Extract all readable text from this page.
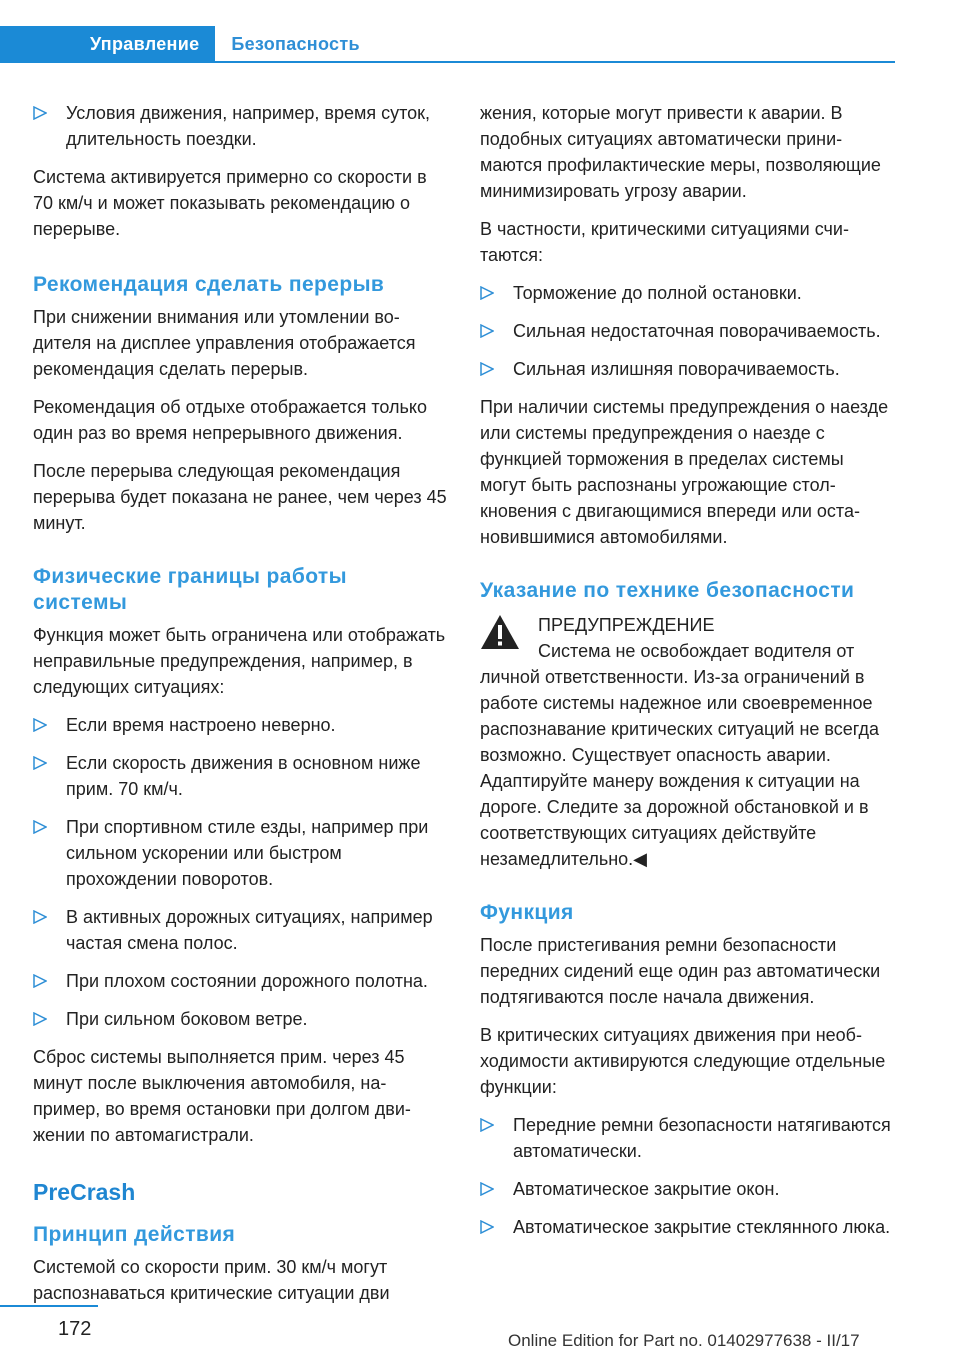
Управление	Безопасность
Условия движения, например, время суток, длительность поездки.

Система активируется примерно со скорости в 70 км/ч и может показывать рекомендацию о перерыве.

Рекомендация сделать перерыв

При снижении внимания или утомлении водителя на дисплее управления отображается рекомендация сделать перерыв.

Рекомендация об отдыхе отображается только один раз во время непрерывного движения.

После перерыва следующая рекомендация перерыва будет показана не ранее, чем через 45 минут.

Физические границы работы системы

Функция может быть ограничена или отображать неправильные предупреждения, например, в следующих ситуациях:

Если время настроено неверно.
Если скорость движения в основном ниже прим. 70 км/ч.
При спортивном стиле езды, например при сильном ускорении или быстром прохождении поворотов.
В активных дорожных ситуациях, например частая смена полос.
При плохом состоянии дорожного полотна.
При сильном боковом ветре.

Сброс системы выполняется прим. через 45 минут после выключения автомобиля, например, во время остановки при долгом движении по автомагистрали.

PreCrash
Принцип действия

Системой со скорости прим. 30 км/ч могут распознаваться критические ситуации дви

жения, которые могут привести к аварии. В подобных ситуациях автоматически принимаются профилактические меры, позволяющие минимизировать угрозу аварии.

В частности, критическими ситуациями считаются:

Торможение до полной остановки.
Сильная недостаточная поворачиваемость.
Сильная излишняя поворачиваемость.

При наличии системы предупреждения о наезде или системы предупреждения о наезде с функцией торможения в пределах системы могут быть распознаны угрожающие столкновения с двигающимися впереди или остановившимися автомобилями.

Указание по технике безопасности
ПРЕДУПРЕЖДЕНИЕ
Система не освобождает водителя от личной ответственности. Из-за ограничений в работе системы надежное или своевременное распознавание критических ситуаций не всегда возможно. Существует опасность аварии. Адаптируйте манеру вождения к ситуации на дороге. Следите за дорожной обстановкой и в соответствующих ситуациях действуйте незамедлительно.◀
Функция

После пристегивания ремни безопасности передних сидений еще один раз автоматически подтягиваются после начала движения.

В критических ситуациях движения при необходимости активируются следующие отдельные функции:

Передние ремни безопасности натягиваются автоматически.
Автоматическое закрытие окон.
Автоматическое закрытие стеклянного люка.
172
Online Edition for Part no. 01402977638 - II/17
